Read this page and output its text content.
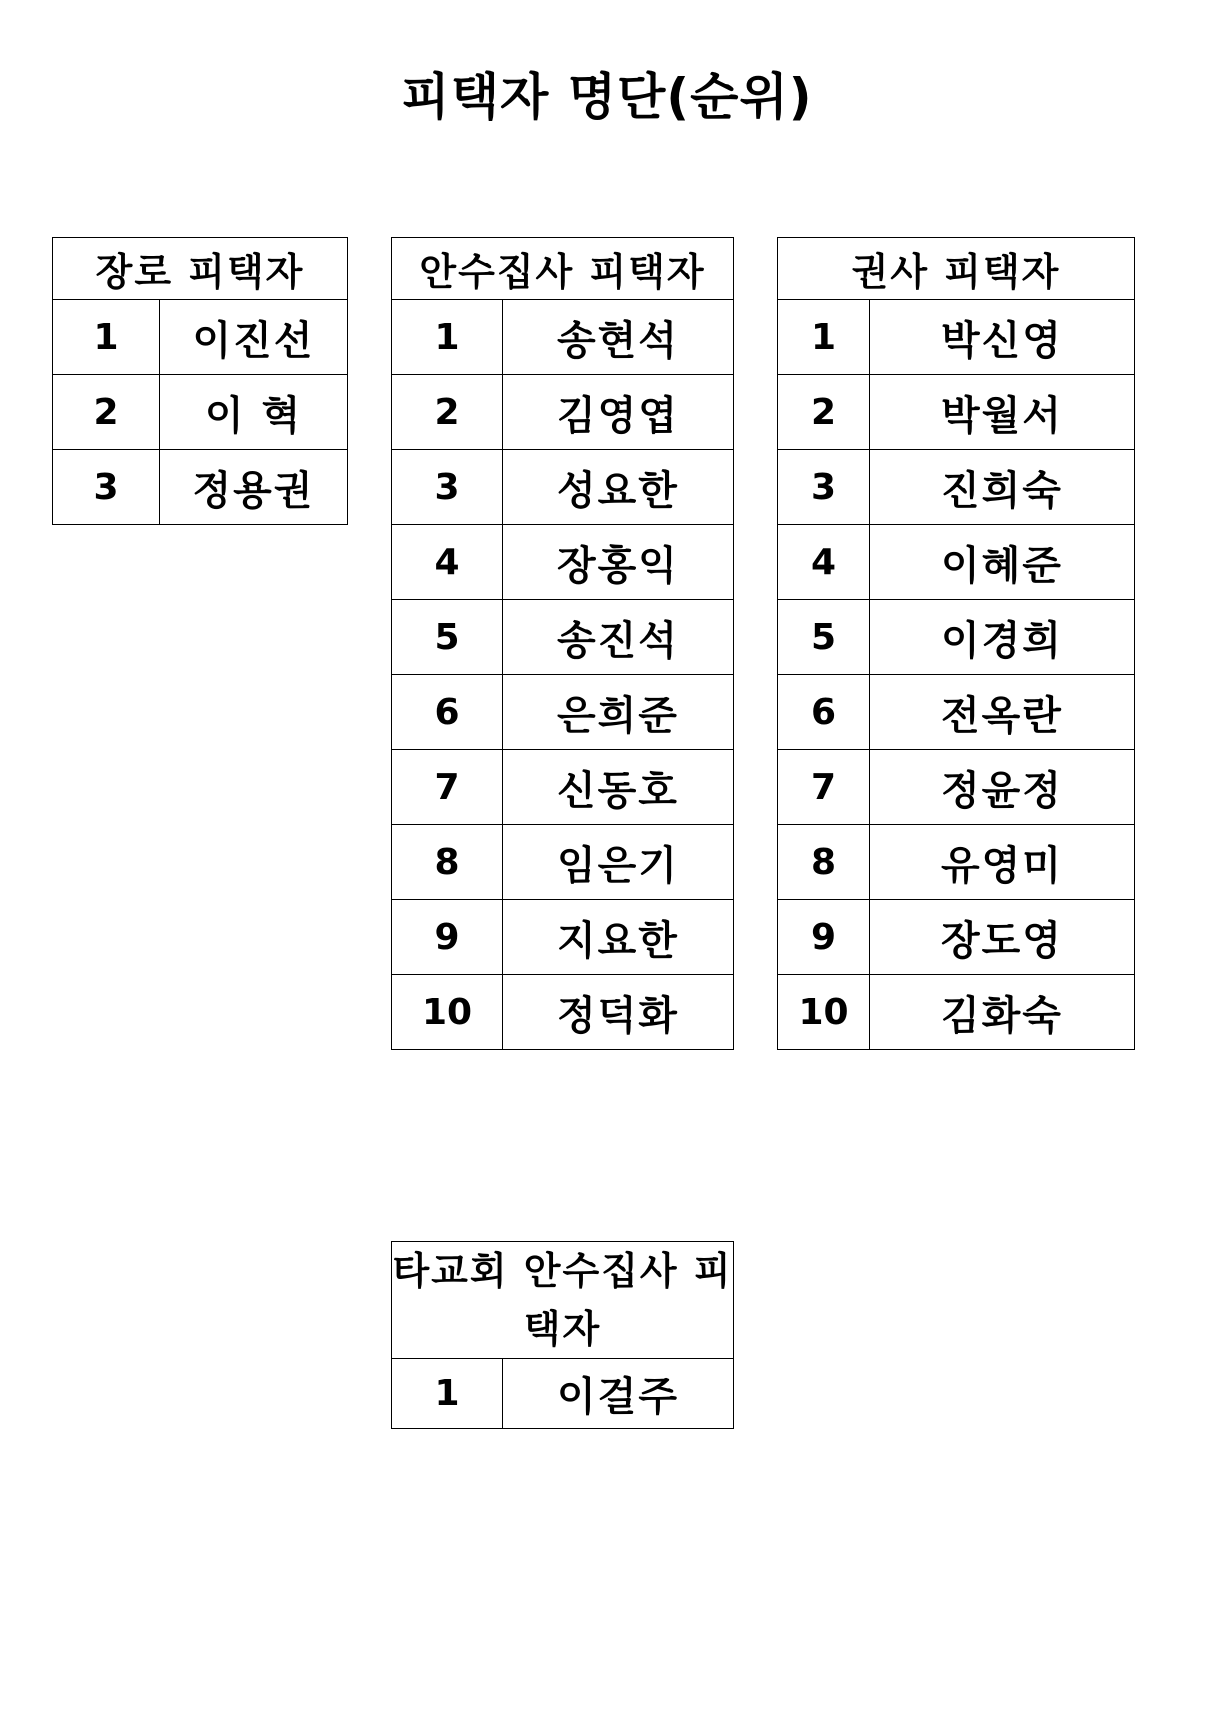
피택자 명단(순위)
장로 피택자	
1	이진선
2	이 혁
3	정용권
안수집사 피택자	
1	송현석
2	김영엽
3	성요한
4	장홍익
5	송진석
6	은희준
7	신동호
8	임은기
9	지요한
10	정덕화
권사 피택자	
1	박신영
2	박월서
3	진희숙
4	이혜준
5	이경희
6	전옥란
7	정윤정
8	유영미
9	장도영
10	김화숙
타교회 안수집사 피택자
1	이걸주
